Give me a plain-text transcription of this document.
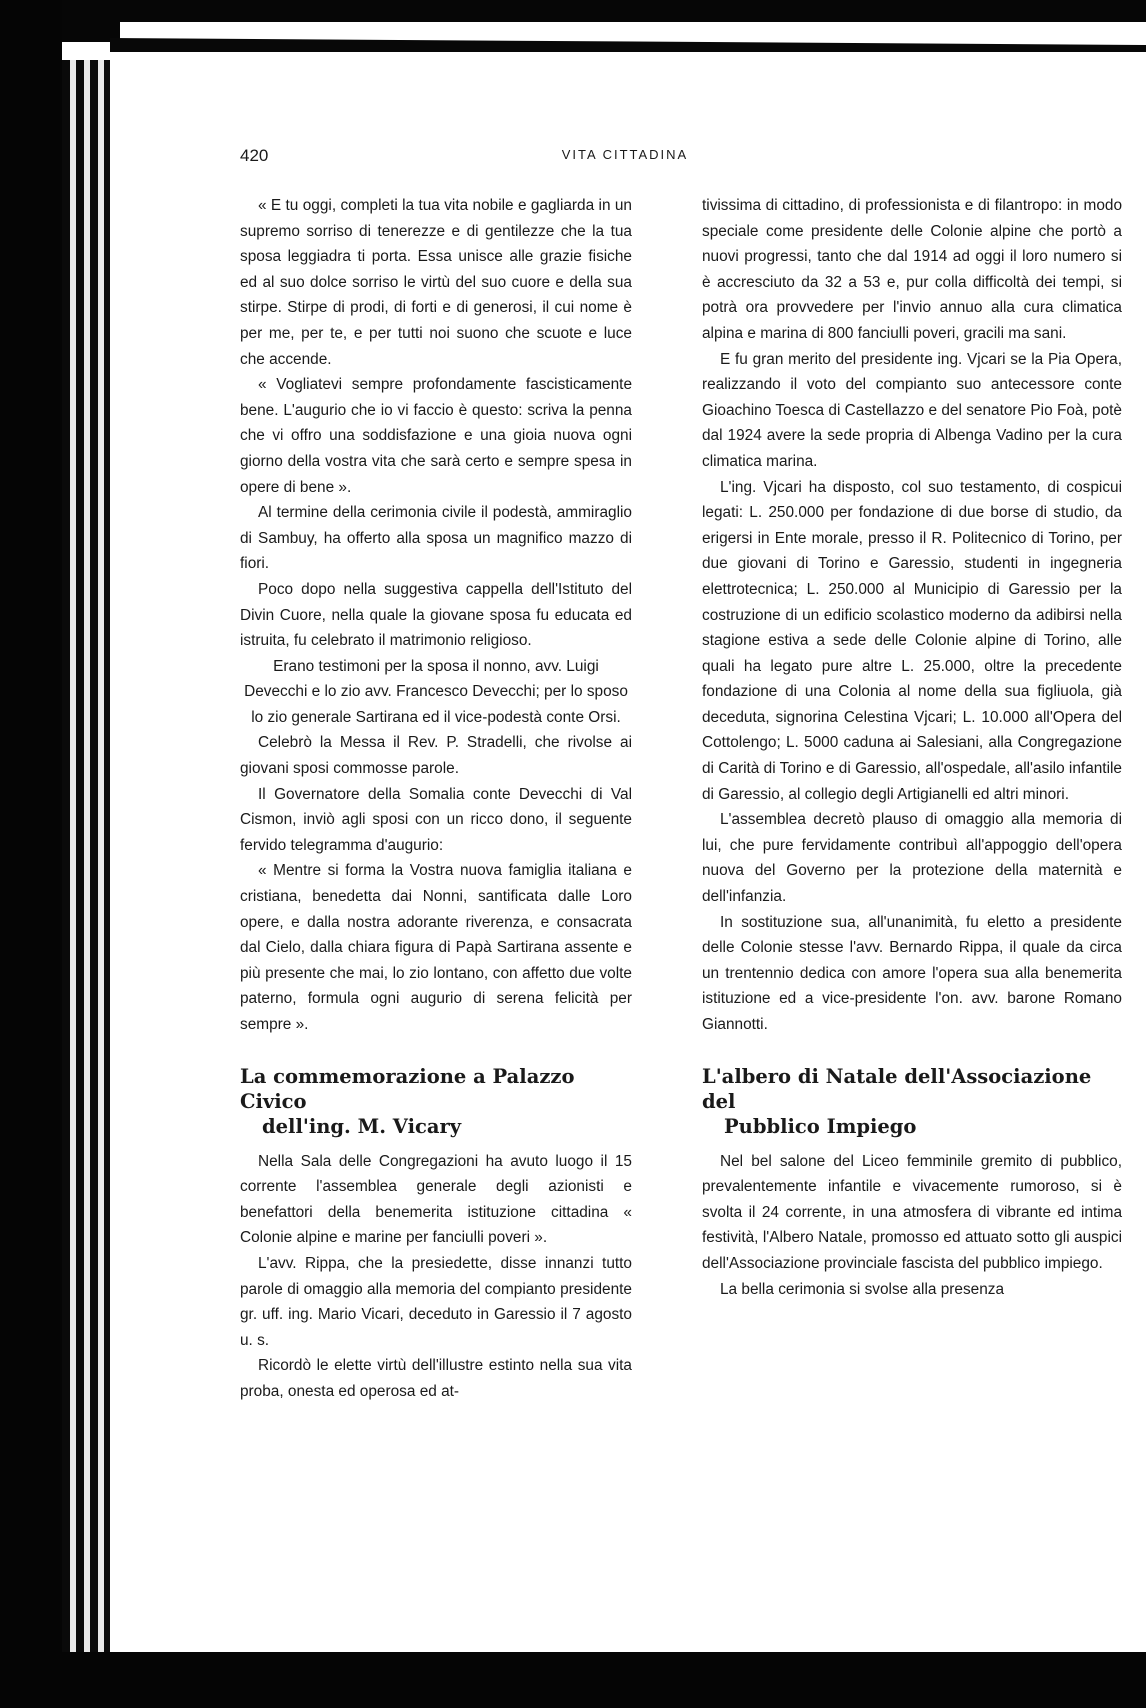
420	VITA CITTADINA

« E tu oggi, completi la tua vita nobile e gagliarda in un supremo sorriso di tenerezze e di gentilezze che la tua sposa leggiadra ti porta. Essa unisce alle grazie fisiche ed al suo dolce sorriso le virtù del suo cuore e della sua stirpe. Stirpe di prodi, di forti e di generosi, il cui nome è per me, per te, e per tutti noi suono che scuote e luce che accende.

« Vogliatevi sempre profondamente fascisticamente bene. L'augurio che io vi faccio è questo: scriva la penna che vi offro una soddisfazione e una gioia nuova ogni giorno della vostra vita che sarà certo e sempre spesa in opere di bene ».

Al termine della cerimonia civile il podestà, ammiraglio di Sambuy, ha offerto alla sposa un magnifico mazzo di fiori.

Poco dopo nella suggestiva cappella dell'Istituto del Divin Cuore, nella quale la giovane sposa fu educata ed istruita, fu celebrato il matrimonio religioso.

Erano testimoni per la sposa il nonno, avv. Luigi Devecchi e lo zio avv. Francesco Devecchi; per lo sposo lo zio generale Sartirana ed il vice-podestà conte Orsi.

Celebrò la Messa il Rev. P. Stradelli, che rivolse ai giovani sposi commosse parole.

Il Governatore della Somalia conte Devecchi di Val Cismon, inviò agli sposi con un ricco dono, il seguente fervido telegramma d'augurio:

« Mentre si forma la Vostra nuova famiglia italiana e cristiana, benedetta dai Nonni, santificata dalle Loro opere, e dalla nostra adorante riverenza, e consacrata dal Cielo, dalla chiara figura di Papà Sartirana assente e più presente che mai, lo zio lontano, con affetto due volte paterno, formula ogni augurio di serena felicità per sempre ».

La commemorazione a Palazzo Civico
dell'ing. M. Vicary

Nella Sala delle Congregazioni ha avuto luogo il 15 corrente l'assemblea generale degli azionisti e benefattori della benemerita istituzione cittadina « Colonie alpine e marine per fanciulli poveri ».

L'avv. Rippa, che la presiedette, disse innanzi tutto parole di omaggio alla memoria del compianto presidente gr. uff. ing. Mario Vicari, deceduto in Garessio il 7 agosto u. s.

Ricordò le elette virtù dell'illustre estinto nella sua vita proba, onesta ed operosa ed at-

tivissima di cittadino, di professionista e di filantropo: in modo speciale come presidente delle Colonie alpine che portò a nuovi progressi, tanto che dal 1914 ad oggi il loro numero si è accresciuto da 32 a 53 e, pur colla difficoltà dei tempi, si potrà ora provvedere per l'invio annuo alla cura climatica alpina e marina di 800 fanciulli poveri, gracili ma sani.

E fu gran merito del presidente ing. Vjcari se la Pia Opera, realizzando il voto del compianto suo antecessore conte Gioachino Toesca di Castellazzo e del senatore Pio Foà, potè dal 1924 avere la sede propria di Albenga Vadino per la cura climatica marina.

L'ing. Vjcari ha disposto, col suo testamento, di cospicui legati: L. 250.000 per fondazione di due borse di studio, da erigersi in Ente morale, presso il R. Politecnico di Torino, per due giovani di Torino e Garessio, studenti in ingegneria elettrotecnica; L. 250.000 al Municipio di Garessio per la costruzione di un edificio scolastico moderno da adibirsi nella stagione estiva a sede delle Colonie alpine di Torino, alle quali ha legato pure altre L. 25.000, oltre la precedente fondazione di una Colonia al nome della sua figliuola, già deceduta, signorina Celestina Vjcari; L. 10.000 all'Opera del Cottolengo; L. 5000 caduna ai Salesiani, alla Congregazione di Carità di Torino e di Garessio, all'ospedale, all'asilo infantile di Garessio, al collegio degli Artigianelli ed altri minori.

L'assemblea decretò plauso di omaggio alla memoria di lui, che pure fervidamente contribuì all'appoggio dell'opera nuova del Governo per la protezione della maternità e dell'infanzia.

In sostituzione sua, all'unanimità, fu eletto a presidente delle Colonie stesse l'avv. Bernardo Rippa, il quale da circa un trentennio dedica con amore l'opera sua alla benemerita istituzione ed a vice-presidente l'on. avv. barone Romano Giannotti.

L'albero di Natale dell'Associazione del
Pubblico Impiego

Nel bel salone del Liceo femminile gremito di pubblico, prevalentemente infantile e vivacemente rumoroso, si è svolta il 24 corrente, in una atmosfera di vibrante ed intima festività, l'Albero Natale, promosso ed attuato sotto gli auspici dell'Associazione provinciale fascista del pubblico impiego.

La bella cerimonia si svolse alla presenza
